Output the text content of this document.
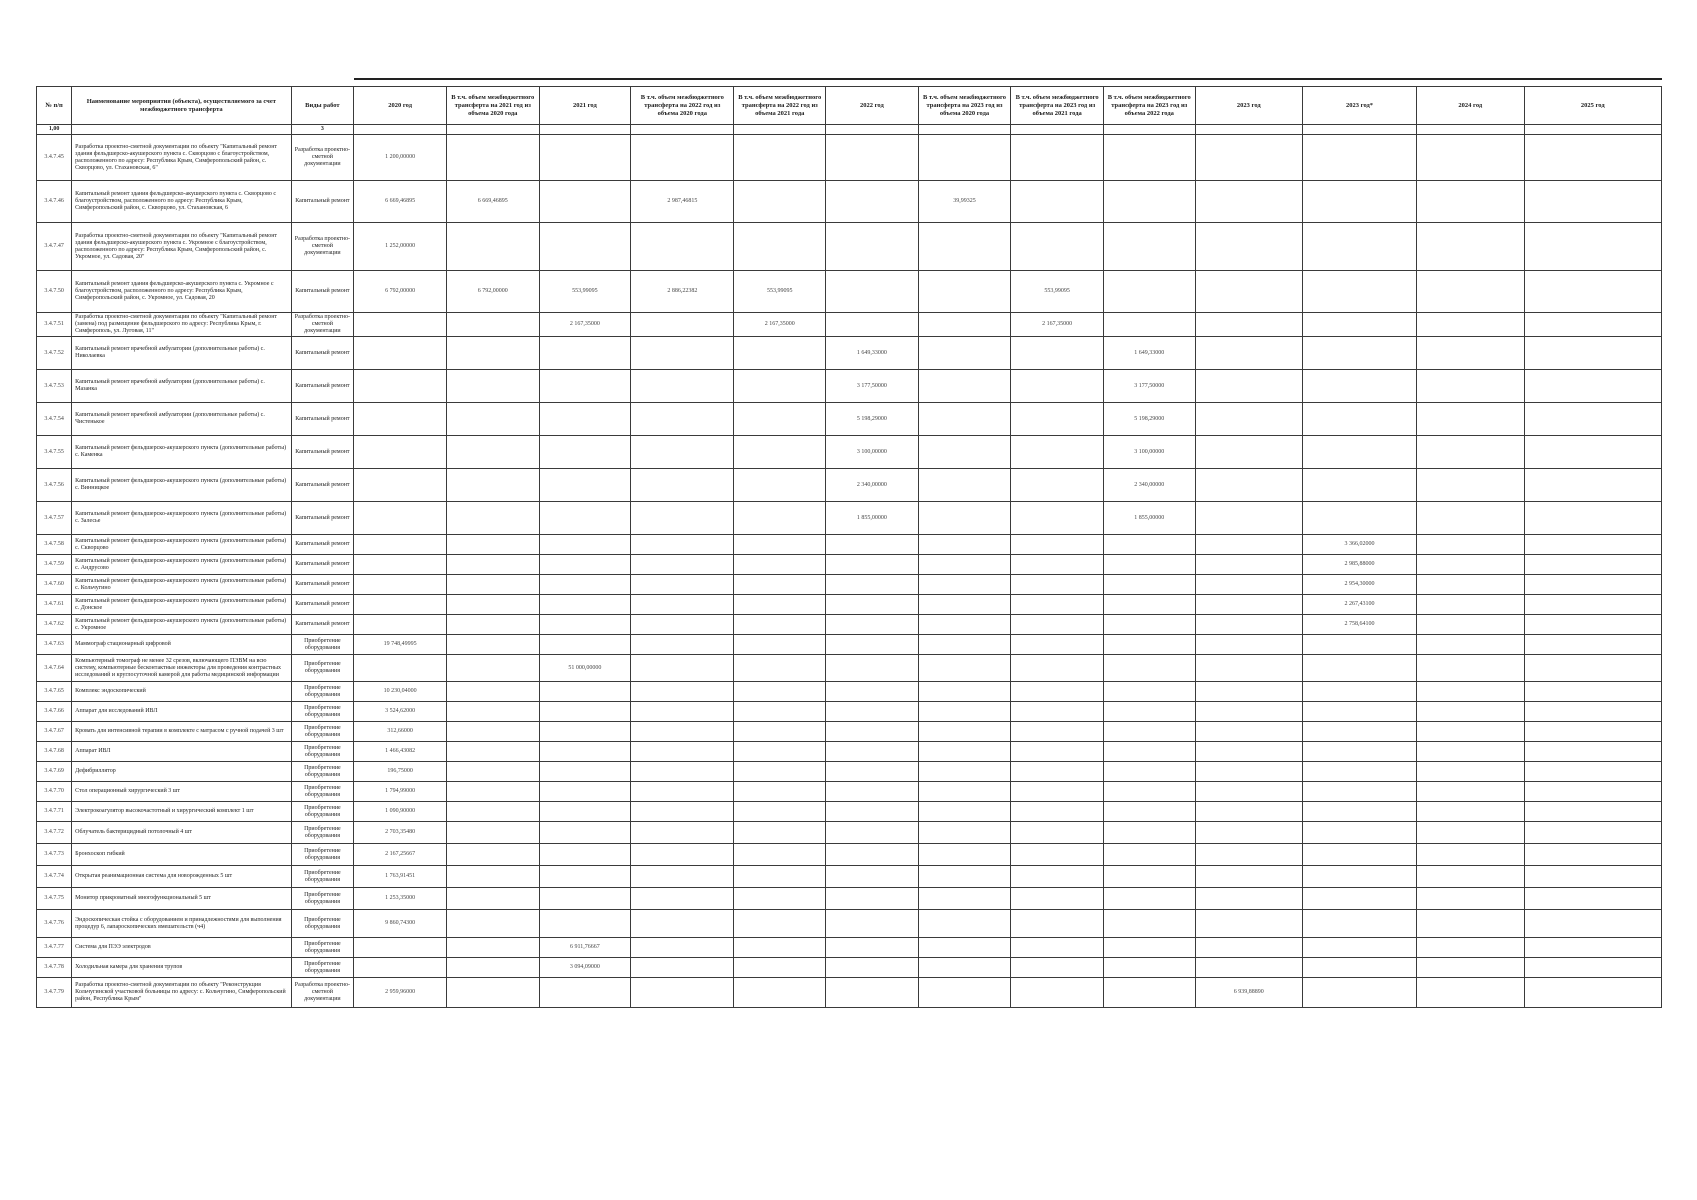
№ п/п	Наименование мероприятия (объекта), осуществляемого за счет межбюджетного трансферта	Виды работ	2020 год	В т.ч. объем межбюджетного трансферта на 2021 год из объема 2020 года	2021 год	В т.ч. объем межбюджетного трансферта на 2022 год из объема 2020 года	В т.ч. объем межбюджетного трансферта на 2022 год из объема 2021 года	2022 год	В т.ч. объем межбюджетного трансферта на 2023 год из объема 2020 года	В т.ч. объем межбюджетного трансферта на 2023 год из объема 2021 года	В т.ч. объем межбюджетного трансферта на 2023 год из объема 2022 года	2023 год	2023 год*	2024 год	2025 год
1,00		3													
3.4.7.45	Разработка проектно-сметной документации по объекту "Капитальный ремонт здания фельдшерско-акушерского пункта с. Скворцово с благоустройством, расположенного по адресу: Республика Крым, Симферопольский район, с. Скворцово, ул. Стахановская, 6"	Разработка проектно-сметной документации	1 200,00000												
3.4.7.46	Капитальный ремонт здания фельдшерско-акушерского пункта с. Скворцово с благоустройством, расположенного по адресу: Республика Крым, Симферопольский район, с. Скворцово, ул. Стахановская, 6	Капитальный ремонт	6 669,46895	6 669,46895		2 987,46815			39,99325						
3.4.7.47	Разработка проектно-сметной документации по объекту "Капитальный ремонт здания фельдшерско-акушерского пункта с. Укромное с благоустройством, расположенного по адресу: Республика Крым, Симферопольский район, с. Укромное, ул. Садовая, 20"	Разработка проектно-сметной документации	1 252,00000												
3.4.7.50	Капитальный ремонт здания фельдшерско-акушерского пункта с. Укромное с благоустройством, расположенного по адресу: Республика Крым, Симферопольский район, с. Укромное, ул. Садовая, 20	Капитальный ремонт	6 792,00000	6 792,00000	553,99095	2 886,22382	553,99095			553,99095					
3.4.7.51	Разработка проектно-сметной документации по объекту "Капитальный ремонт (замена) под размещение фельдшерского по адресу: Республика Крым, г. Симферополь, ул. Луговая, 11"	Разработка проектно-сметной документации			2 167,35000		2 167,35000			2 167,35000					
3.4.7.52	Капитальный ремонт врачебной амбулатории (дополнительные работы) с. Николаевка	Капитальный ремонт						1 649,33000			1 649,33000				
3.4.7.53	Капитальный ремонт врачебной амбулатории (дополнительные работы) с. Мазанка	Капитальный ремонт						3 177,50000			3 177,50000				
3.4.7.54	Капитальный ремонт врачебной амбулатории (дополнительные работы) с. Чистенькое	Капитальный ремонт						5 198,29000			5 198,29000				
3.4.7.55	Капитальный ремонт фельдшерско-акушерского пункта (дополнительные работы) с. Каменка	Капитальный ремонт						3 100,00000			3 100,00000				
3.4.7.56	Капитальный ремонт фельдшерско-акушерского пункта (дополнительные работы) с. Винницкое	Капитальный ремонт						2 340,00000			2 340,00000				
3.4.7.57	Капитальный ремонт фельдшерско-акушерского пункта (дополнительные работы) с. Залесье	Капитальный ремонт						1 855,00000			1 855,00000				
3.4.7.58	Капитальный ремонт фельдшерско-акушерского пункта (дополнительные работы) с. Скворцово	Капитальный ремонт											3 366,02000		
3.4.7.59	Капитальный ремонт фельдшерско-акушерского пункта (дополнительные работы) с. Андрусово	Капитальный ремонт											2 985,88000		
3.4.7.60	Капитальный ремонт фельдшерско-акушерского пункта (дополнительные работы) с. Кольчугино	Капитальный ремонт											2 954,30000		
3.4.7.61	Капитальный ремонт фельдшерско-акушерского пункта (дополнительные работы) с. Донское	Капитальный ремонт											2 267,43100		
3.4.7.62	Капитальный ремонт фельдшерско-акушерского пункта (дополнительные работы) с. Укромное	Капитальный ремонт											2 758,64100		
3.4.7.63	Маммограф стационарный цифровой	Приобретение оборудования	19 748,49995												
3.4.7.64	Компьютерный томограф не менее 32 срезов, включающего ПЭВМ на всю систему, компьютерные бесконтактные инжекторы для проведения контрастных исследований и круглосуточной камерой для работы медицинской информации	Приобретение оборудования			51 000,00000										
3.4.7.65	Комплекс эндоскопический	Приобретение оборудования	10 230,04000												
3.4.7.66	Аппарат для исследований ИВЛ	Приобретение оборудования	3 524,62000												
3.4.7.67	Кровать для интенсивной терапии в комплекте с матрасом с ручной подачей 3 шт	Приобретение оборудования	312,66000												
3.4.7.68	Аппарат ИВЛ	Приобретение оборудования	1 466,43082												
3.4.7.69	Дефибриллятор	Приобретение оборудования	196,75000												
3.4.7.70	Стол операционный хирургический 3 шт	Приобретение оборудования	1 794,99000												
3.4.7.71	Электрокоагулятор высокочастотный и хирургический комплект 1 шт	Приобретение оборудования	1 090,90000												
3.4.7.72	Облучатель бактерицидный потолочный 4 шт	Приобретение оборудования	2 703,35480												
3.4.7.73	Бронхоскоп гибкий	Приобретение оборудования	2 167,25667												
3.4.7.74	Открытая реанимационная система для новорожденных 5 шт	Приобретение оборудования	1 763,91451												
3.4.7.75	Монитор прикроватный многофункциональный 5 шт	Приобретение оборудования	1 253,35000												
3.4.7.76	Эндоскопическая стойка с оборудованием и принадлежностями для выполнения процедур 6, лапароскопических вмешательств (ч4)	Приобретение оборудования	9 860,74300												
3.4.7.77	Система для ПЭЭ электродов	Приобретение оборудования			6 911,76667										
3.4.7.78	Холодильная камера для хранения трупов	Приобретение оборудования			3 094,09000										
3.4.7.79	Разработка проектно-сметной документации по объекту "Реконструкция Кольчугинской участковой больницы по адресу: с. Кольчугино, Симферопольский район, Республика Крым"	Разработка проектно-сметной документации	2 959,96000									6 939,88890			
